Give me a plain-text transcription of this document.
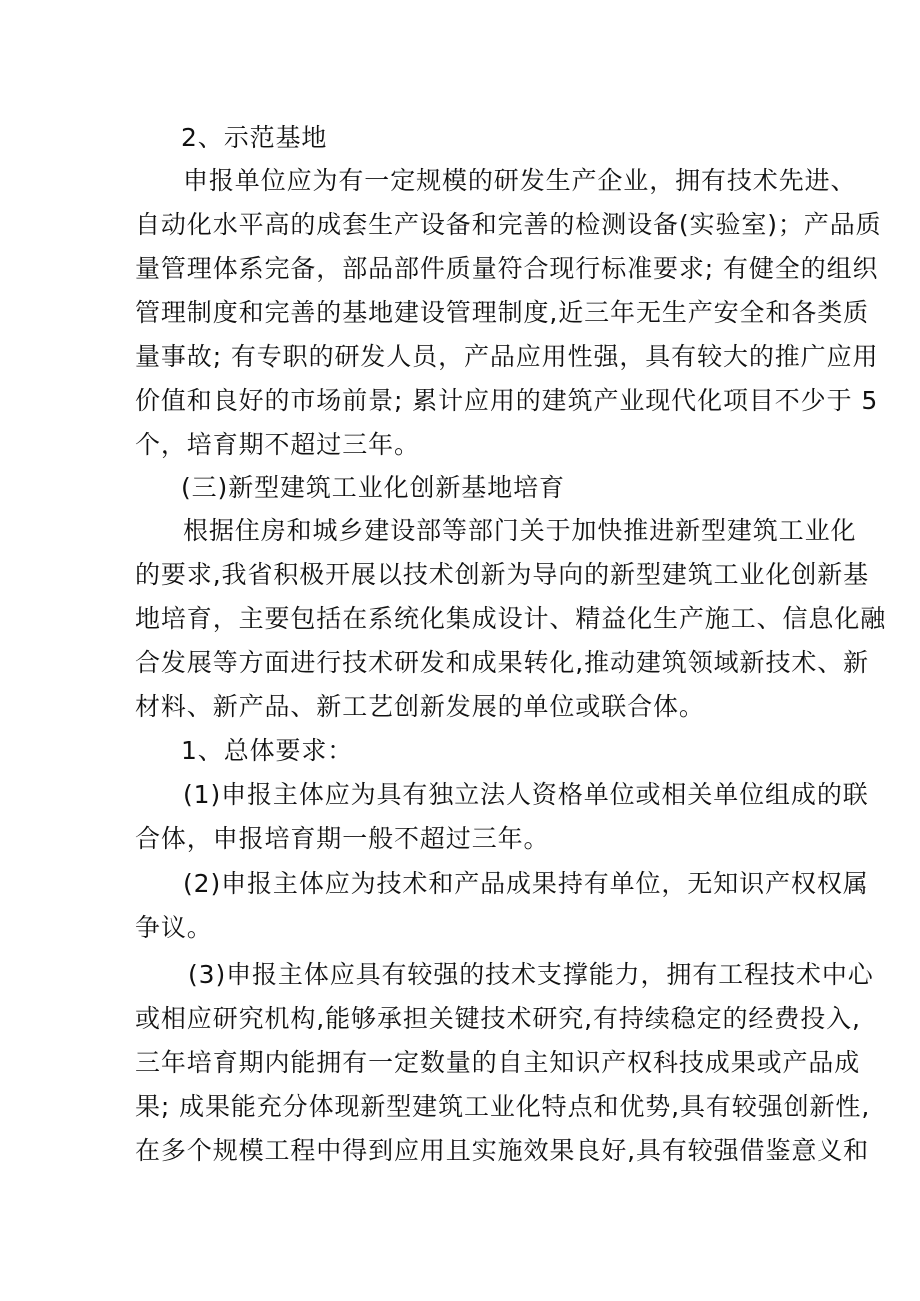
2、示范基地
申报单位应为有一定规模的研发生产企业，拥有技术先进、
自动化水平高的成套生产设备和完善的检测设备(实验室)；产品质
量管理体系完备，部品部件质量符合现行标准要求; 有健全的组织
管理制度和完善的基地建设管理制度,近三年无生产安全和各类质
量事故; 有专职的研发人员，产品应用性强，具有较大的推广应用
价值和良好的市场前景; 累计应用的建筑产业现代化项目不少于 5
个，培育期不超过三年。
(三)新型建筑工业化创新基地培育
根据住房和城乡建设部等部门关于加快推进新型建筑工业化
的要求,我省积极开展以技术创新为导向的新型建筑工业化创新基
地培育，主要包括在系统化集成设计、精益化生产施工、信息化融
合发展等方面进行技术研发和成果转化,推动建筑领域新技术、新
材料、新产品、新工艺创新发展的单位或联合体。
1、总体要求：
(1)申报主体应为具有独立法人资格单位或相关单位组成的联
合体，申报培育期一般不超过三年。
(2)申报主体应为技术和产品成果持有单位，无知识产权权属
争议。
(3)申报主体应具有较强的技术支撑能力，拥有工程技术中心
或相应研究机构,能够承担关键技术研究,有持续稳定的经费投入,
三年培育期内能拥有一定数量的自主知识产权科技成果或产品成
果; 成果能充分体现新型建筑工业化特点和优势,具有较强创新性,
在多个规模工程中得到应用且实施效果良好,具有较强借鉴意义和
